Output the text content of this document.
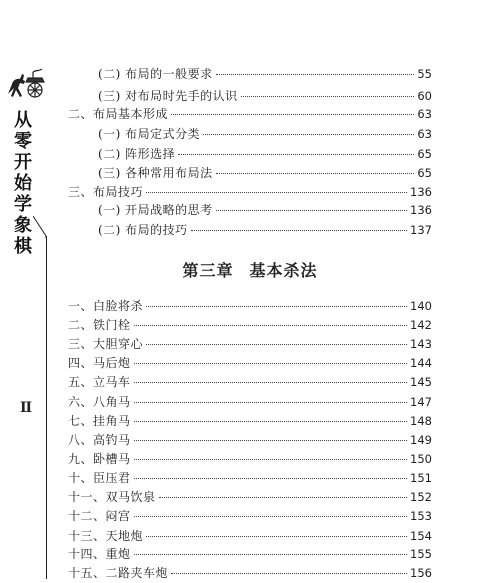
从
零
开
始
学
象
棋
II
第三章 基本杀法
(二) 布局的一般要求	55
(三) 对布局时先手的认识	60
二、布局基本形成	63
(一) 布局定式分类	63
(二) 阵形选择	65
(三) 各种常用布局法	65
三、布局技巧	136
(一) 开局战略的思考	136
(二) 布局的技巧	137
一、白脸将杀	140
二、铁门栓	142
三、大胆穿心	143
四、马后炮	144
五、立马车	145
六、八角马	147
七、挂角马	148
八、高钓马	149
九、卧槽马	150
十、臣压君	151
十一、双马饮泉	152
十二、闷宫	153
十三、天地炮	154
十四、重炮	155
十五、二路夹车炮	156
